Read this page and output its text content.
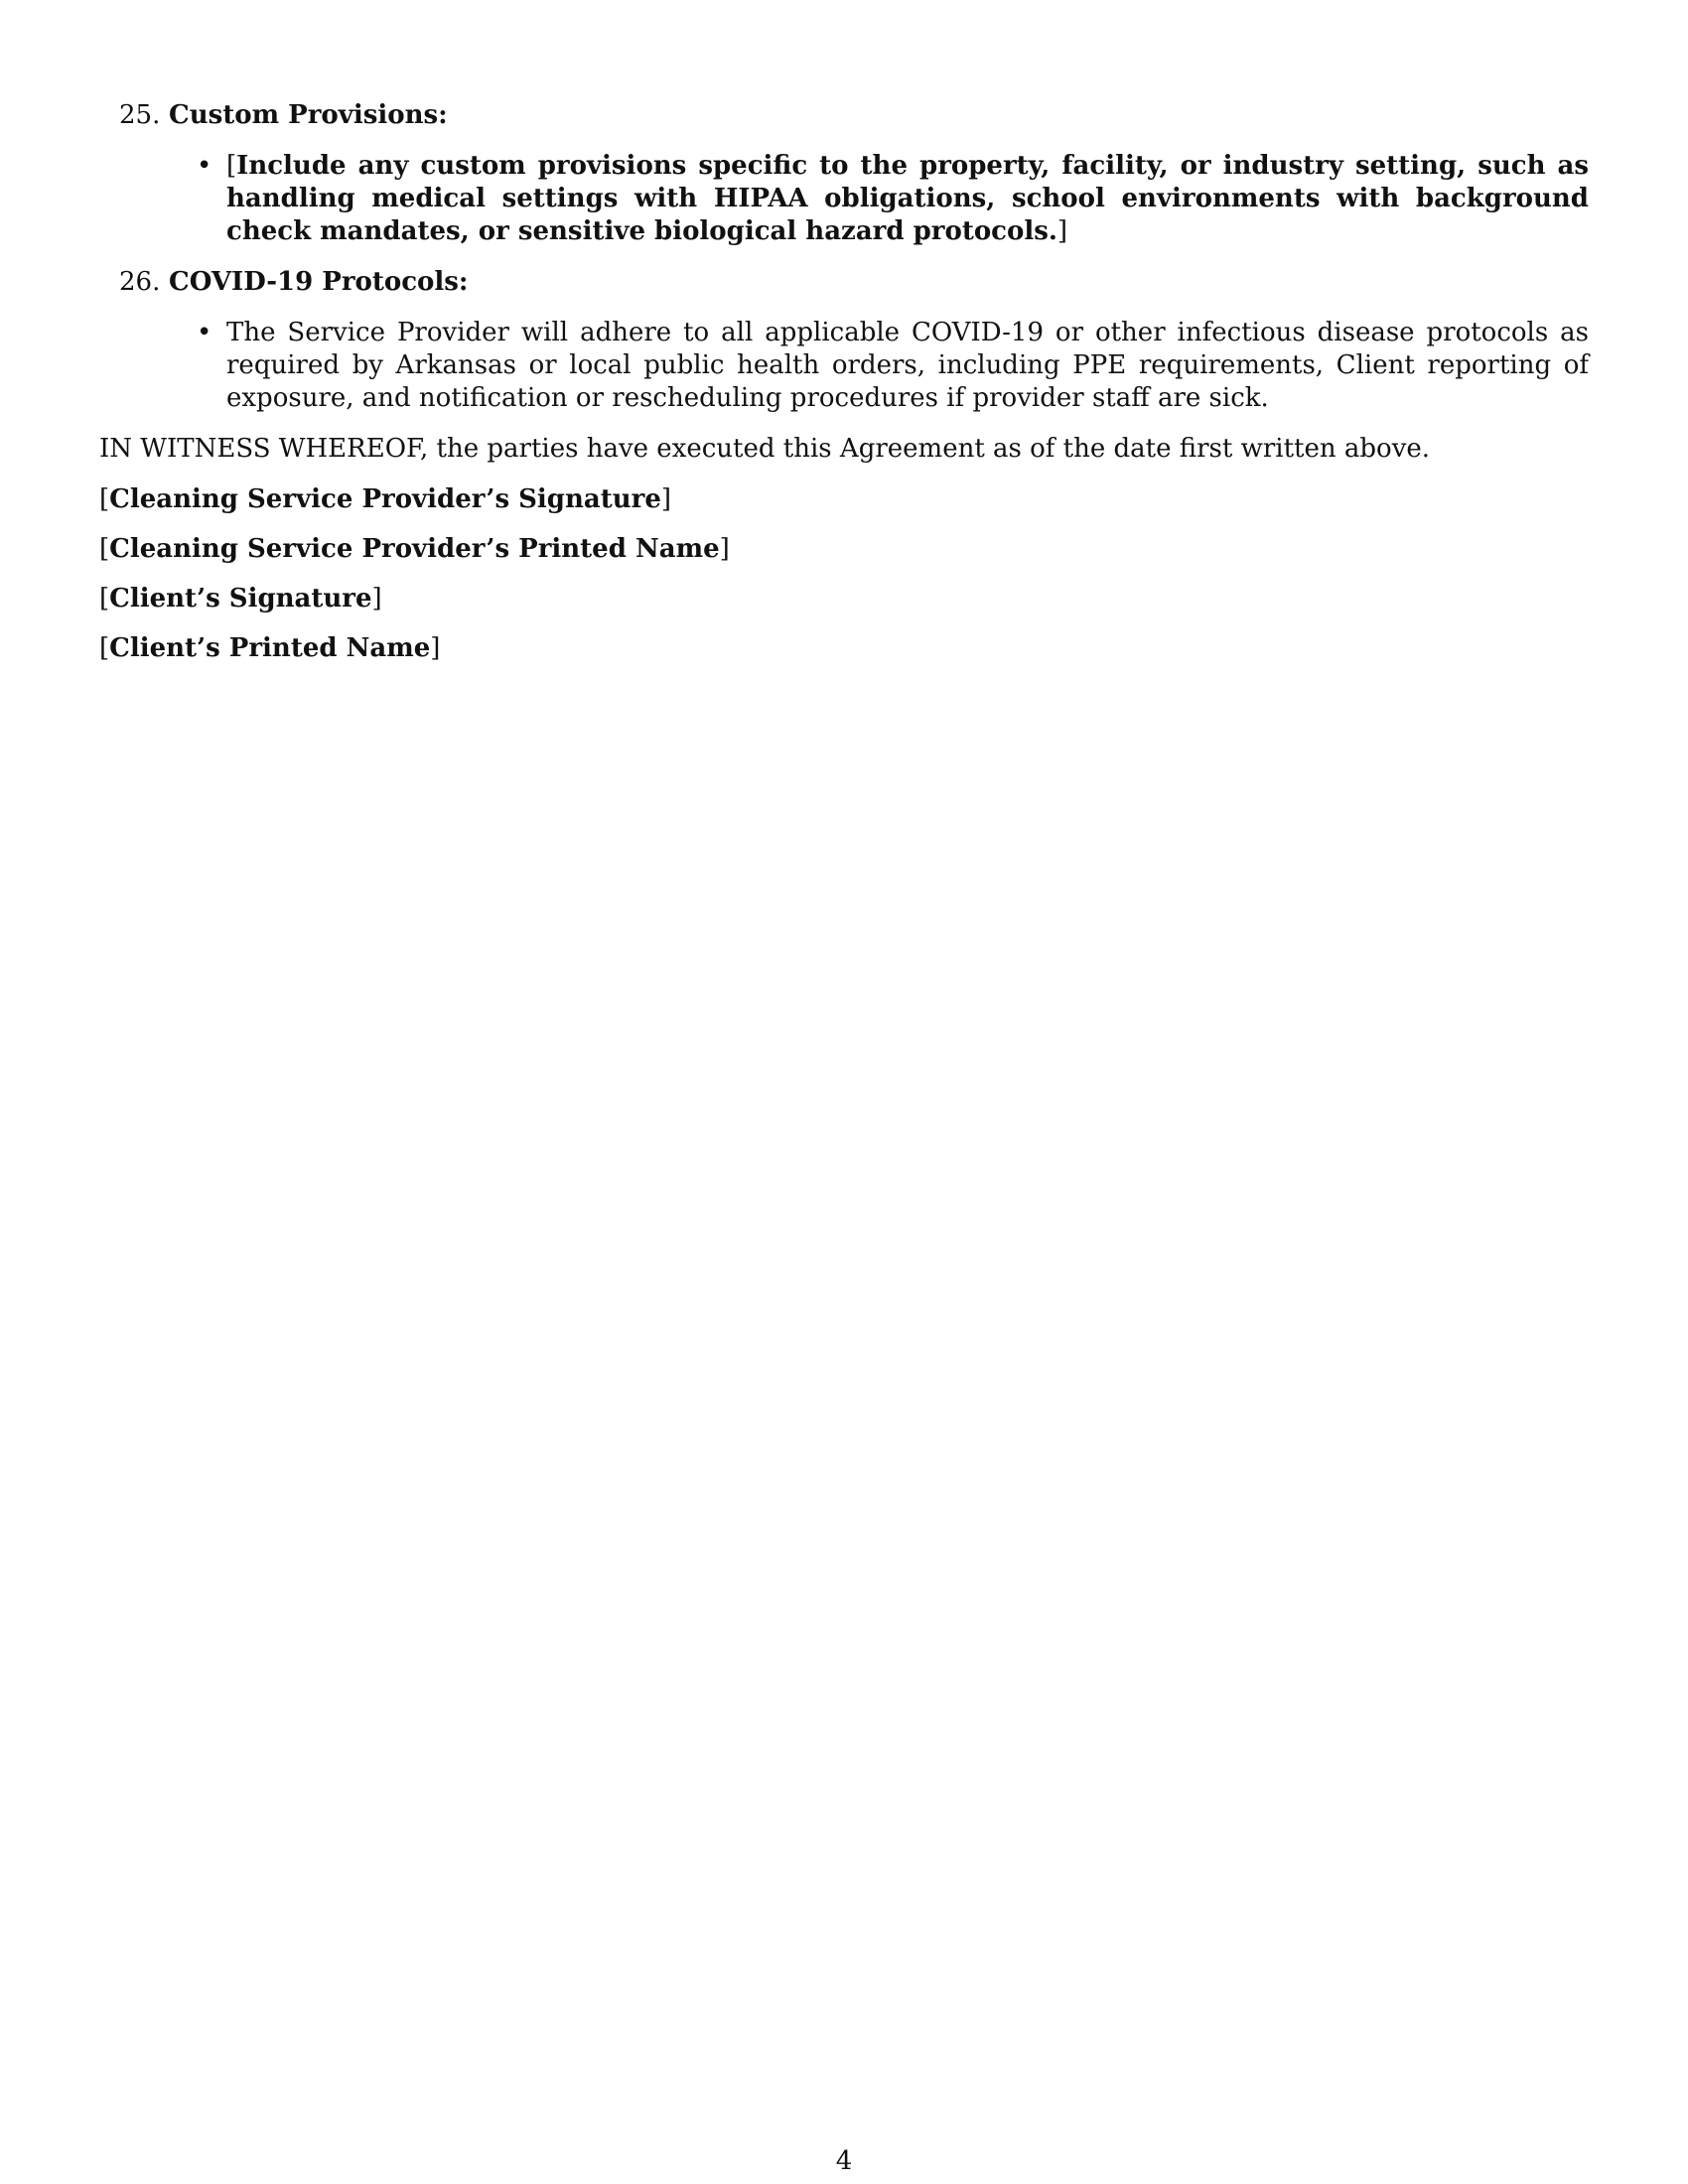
25. Custom Provisions:
• [Include any custom provisions specific to the property, facility, or industry setting, such as handling medical settings with HIPAA obligations, school environments with background check mandates, or sensitive biological hazard protocols.]
26. COVID-19 Protocols:
• The Service Provider will adhere to all applicable COVID-19 or other infectious disease protocols as required by Arkansas or local public health orders, including PPE requirements, Client reporting of exposure, and notification or rescheduling procedures if provider staff are sick.

IN WITNESS WHEREOF, the parties have executed this Agreement as of the date first written above.

[Cleaning Service Provider’s Signature]
[Cleaning Service Provider’s Printed Name]
[Client’s Signature]
[Client’s Printed Name]
4
